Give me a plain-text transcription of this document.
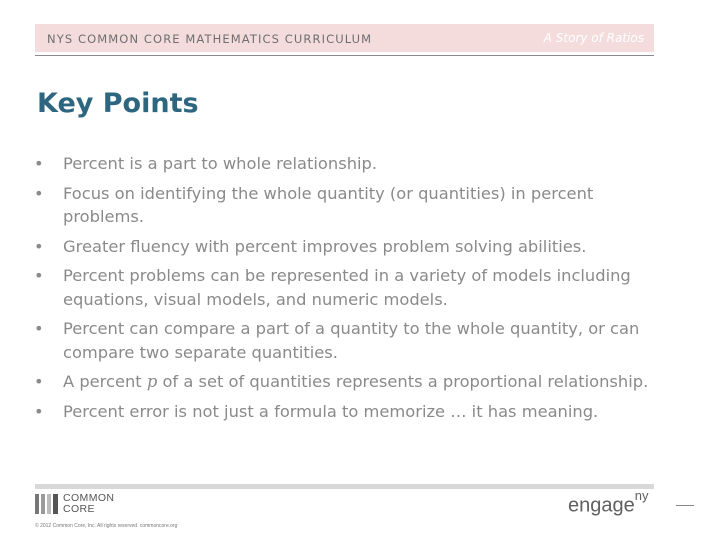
NYS COMMON CORE MATHEMATICS CURRICULUM	A Story of Ratios
Key Points
• Percent is a part to whole relationship.
• Focus on identifying the whole quantity (or quantities) in percent problems.
• Greater fluency with percent improves problem solving abilities.
• Percent problems can be represented in a variety of models including equations, visual models, and numeric models.
• Percent can compare a part of a quantity to the whole quantity, or can compare two separate quantities.
• A percent p of a set of quantities represents a proportional relationship.
• Percent error is not just a formula to memorize … it has meaning.
COMMON
CORE
© 2012 Common Core, Inc. All rights reserved. commoncore.org
engage$^{ny}$
